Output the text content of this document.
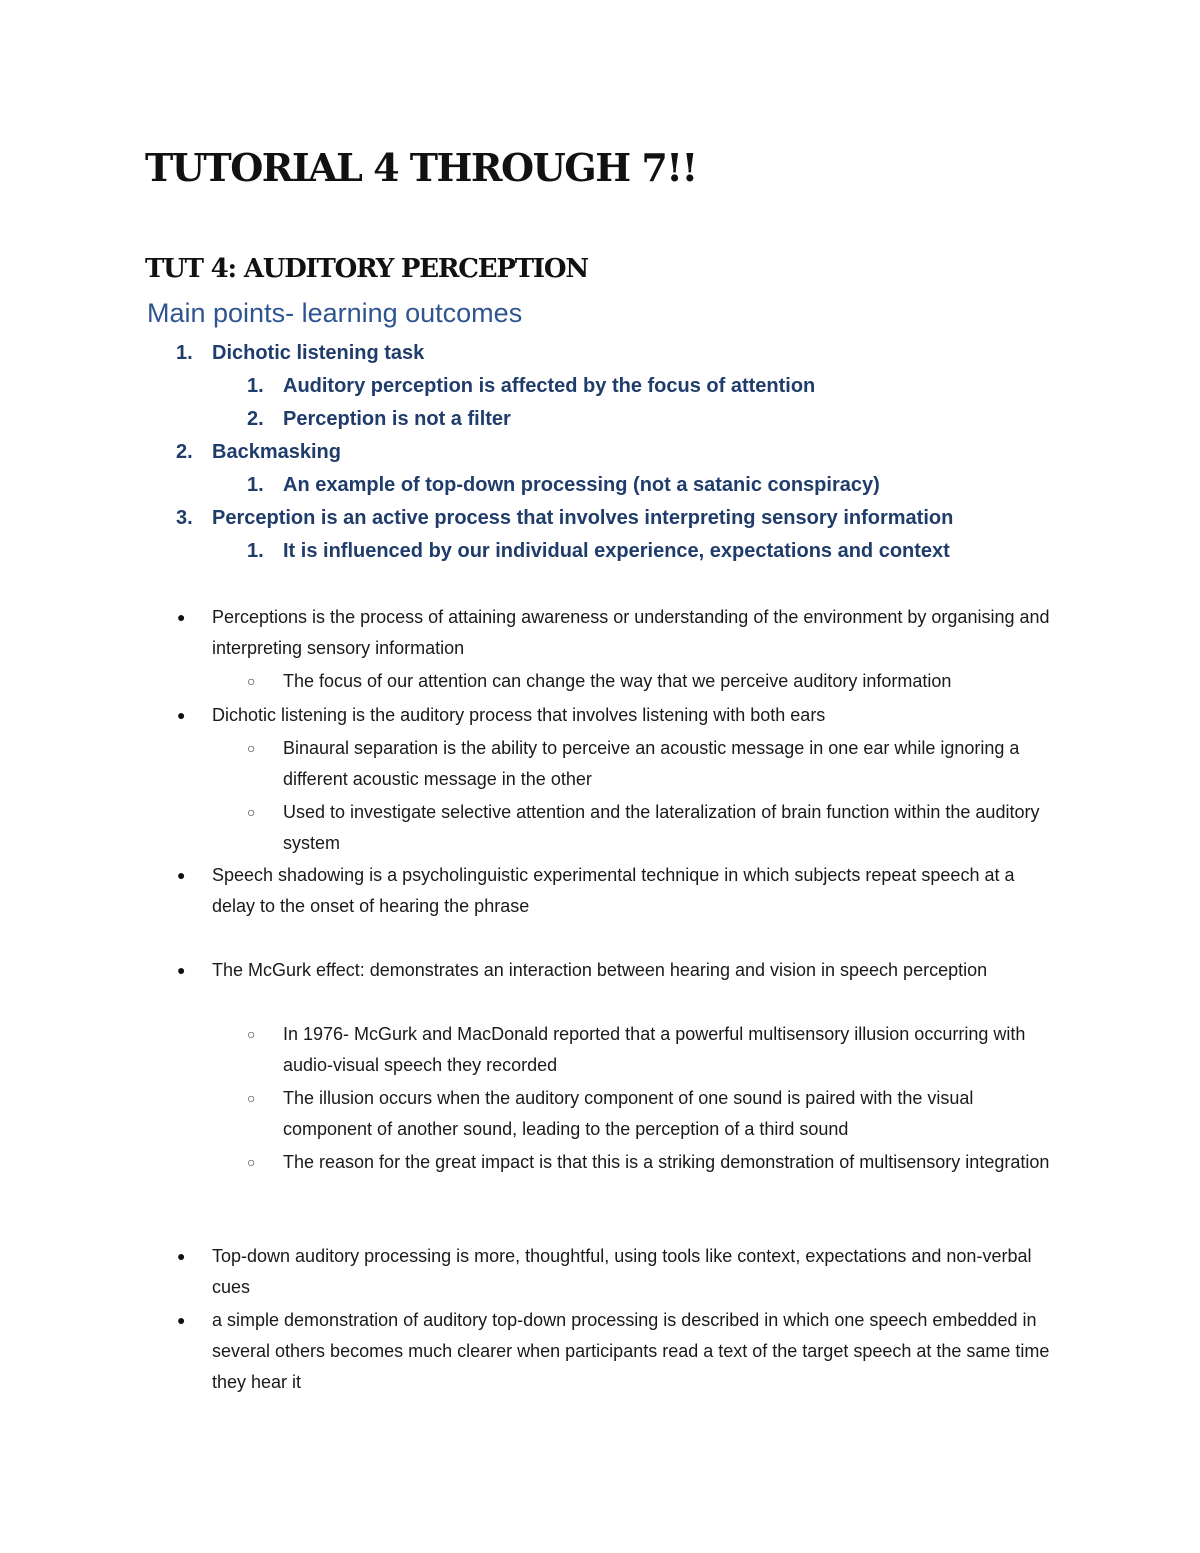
TUTORIAL 4 THROUGH 7!!
TUT 4: AUDITORY PERCEPTION
Main points- learning outcomes
1. Dichotic listening task
1. Auditory perception is affected by the focus of attention
2. Perception is not a filter
2. Backmasking
1. An example of top-down processing (not a satanic conspiracy)
3. Perception is an active process that involves interpreting sensory information
1. It is influenced by our individual experience, expectations and context
● Perceptions is the process of attaining awareness or understanding of the environment by organising and interpreting sensory information
○ The focus of our attention can change the way that we perceive auditory information
● Dichotic listening is the auditory process that involves listening with both ears
○ Binaural separation is the ability to perceive an acoustic message in one ear while ignoring a different acoustic message in the other
○ Used to investigate selective attention and the lateralization of brain function within the auditory system
● Speech shadowing is a psycholinguistic experimental technique in which subjects repeat speech at a delay to the onset of hearing the phrase
● The McGurk effect: demonstrates an interaction between hearing and vision in speech perception
○ In 1976- McGurk and MacDonald reported that a powerful multisensory illusion occurring with audio-visual speech they recorded
○ The illusion occurs when the auditory component of one sound is paired with the visual component of another sound, leading to the perception of a third sound
○ The reason for the great impact is that this is a striking demonstration of multisensory integration
● Top-down auditory processing is more, thoughtful, using tools like context, expectations and non-verbal cues
● a simple demonstration of auditory top-down processing is described in which one speech embedded in several others becomes much clearer when participants read a text of the target speech at the same time they hear it
